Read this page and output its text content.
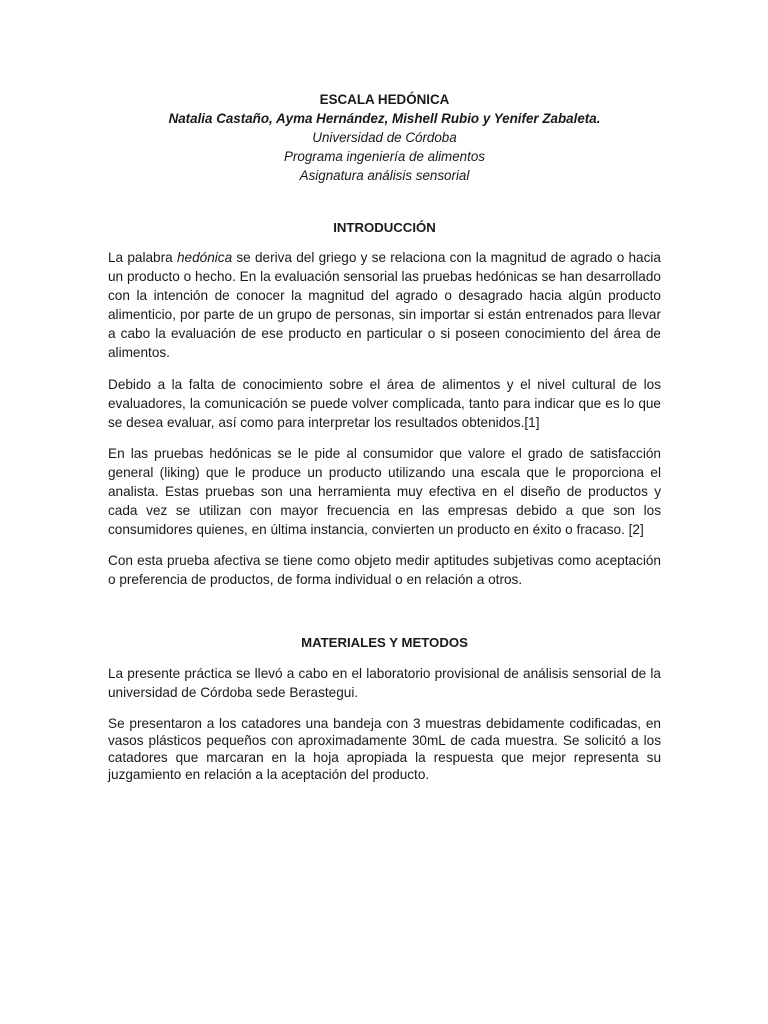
ESCALA HEDÓNICA
Natalia Castaño, Ayma Hernández, Mishell Rubio y Yenifer Zabaleta.
Universidad de Córdoba
Programa ingeniería de alimentos
Asignatura análisis sensorial
INTRODUCCIÓN

La palabra hedónica se deriva del griego y se relaciona con la magnitud de agrado o hacia un producto o hecho. En la evaluación sensorial las pruebas hedónicas se han desarrollado con la intención de conocer la magnitud del agrado o desagrado hacia algún producto alimenticio, por parte de un grupo de personas, sin importar si están entrenados para llevar a cabo la evaluación de ese producto en particular o si poseen conocimiento del área de alimentos.

Debido a la falta de conocimiento sobre el área de alimentos y el nivel cultural de los evaluadores, la comunicación se puede volver complicada, tanto para indicar que es lo que se desea evaluar, así como para interpretar los resultados obtenidos.[1]

En las pruebas hedónicas se le pide al consumidor que valore el grado de satisfacción general (liking) que le produce un producto utilizando una escala que le proporciona el analista. Estas pruebas son una herramienta muy efectiva en el diseño de productos y cada vez se utilizan con mayor frecuencia en las empresas debido a que son los consumidores quienes, en última instancia, convierten un producto en éxito o fracaso. [2]

Con esta prueba afectiva se tiene como objeto medir aptitudes subjetivas como aceptación o preferencia de productos, de forma individual o en relación a otros.

MATERIALES Y METODOS

La presente práctica se llevó a cabo en el laboratorio provisional de análisis sensorial de la universidad de Córdoba sede Berastegui.

Se presentaron a los catadores una bandeja con 3 muestras debidamente codificadas, en vasos plásticos pequeños con aproximadamente 30mL de cada muestra. Se solicitó a los catadores que marcaran en la hoja apropiada la respuesta que mejor representa su juzgamiento en relación a la aceptación del producto.
